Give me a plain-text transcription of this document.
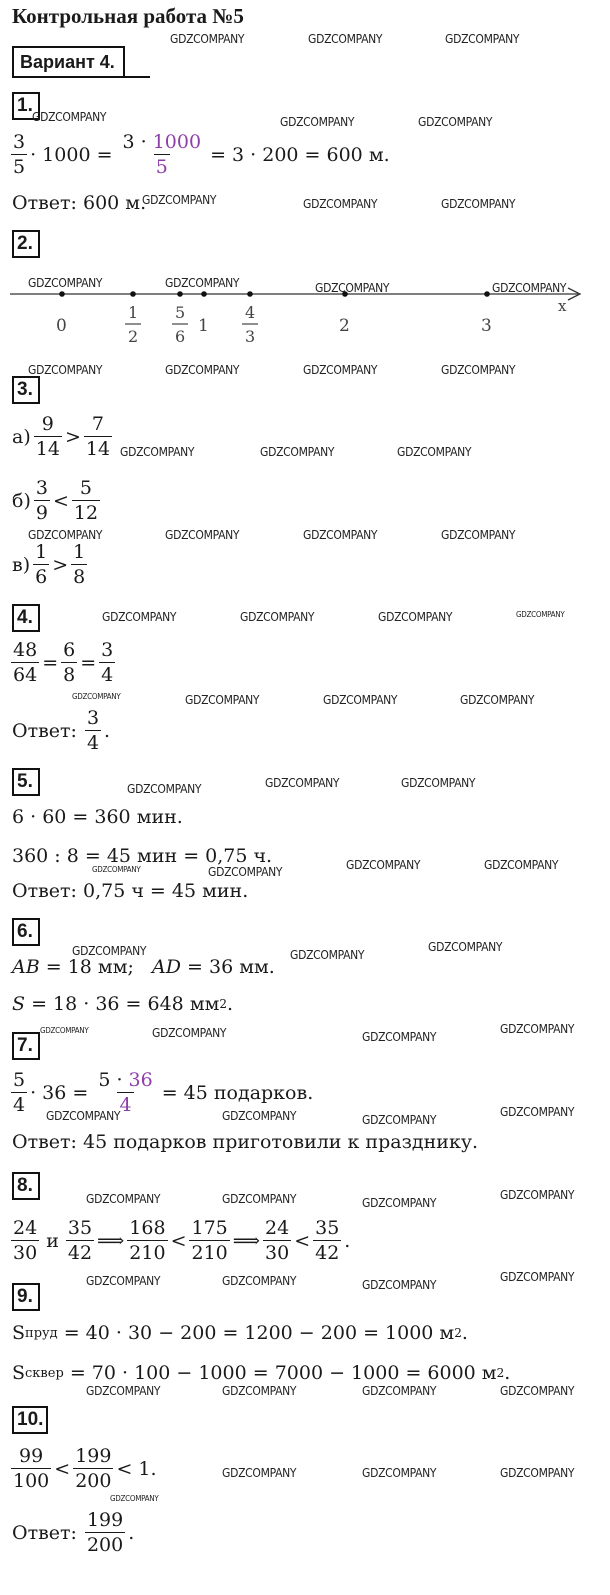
Контрольная работа №5
Вариант 4.
1.
$\frac{3}{5} \cdot 1000 = \frac{3 \cdot 1000}{5} = 3 \cdot 200 = 600$ м.
Ответ: 600 м.
2.
x
0	1	2	3
1
2
5
6
4
3
3.
$а) \frac{9}{14} > \frac{7}{14}$
$б) \frac{3}{9} < \frac{5}{12}$
$в) \frac{1}{6} > \frac{1}{8}$
4.
$\frac{48}{64} = \frac{6}{8} = \frac{3}{4}$
Ответ: $\frac{3}{4}$ .
5.
6 · 60 = 360 мин.
360 : 8 = 45 мин = 0,75 ч.
Ответ: 0,75 ч = 45 мин.
6.
AB
= 18 мм;
AD
= 36 мм.
S
= 18 · 36 = 648 мм 2 .
7.
$\frac{5}{4} \cdot 36 = \frac{5 \cdot 36}{4} = 45$ подарков.
Ответ: 45 подарков приготовили к празднику.
8.
$\frac{24}{30}$ и $\frac{35}{42}$ ⟹ $\frac{168}{210} < \frac{175}{210}$ ⟹ $\frac{24}{30} < \frac{35}{42}$ .
9.
S пруд
= 40 · 30 − 200 = 1200 − 200 = 1000 м 2 .
S сквер
= 70 · 100 − 1000 = 7000 − 1000 = 6000 м 2 .
10.
$\frac{99}{100} < \frac{199}{200} < 1$.
Ответ: $\frac{199}{200}$ .
GDZCOMPANY	GDZCOMPANY	GDZCOMPANY
GDZCOMPANY	GDZCOMPANY	GDZCOMPANY
GDZCOMPANY	GDZCOMPANY	GDZCOMPANY
GDZCOMPANY	GDZCOMPANY	GDZCOMPANY	GDZCOMPANY
GDZCOMPANY	GDZCOMPANY	GDZCOMPANY	GDZCOMPANY
GDZCOMPANY	GDZCOMPANY	GDZCOMPANY
GDZCOMPANY	GDZCOMPANY	GDZCOMPANY	GDZCOMPANY
GDZCOMPANY	GDZCOMPANY	GDZCOMPANY	GDZCOMPANY
GDZCOMPANY	GDZCOMPANY	GDZCOMPANY	GDZCOMPANY
GDZCOMPANY	GDZCOMPANY	GDZCOMPANY
GDZCOMPANY	GDZCOMPANY	GDZCOMPANY	GDZCOMPANY
GDZCOMPANY	GDZCOMPANY
GDZCOMPANY
GDZCOMPANY	GDZCOMPANY	GDZCOMPANY
GDZCOMPANY
GDZCOMPANY	GDZCOMPANY	GDZCOMPANY
GDZCOMPANY
GDZCOMPANY	GDZCOMPANY	GDZCOMPANY
GDZCOMPANY
GDZCOMPANY	GDZCOMPANY	GDZCOMPANY
GDZCOMPANY
GDZCOMPANY	GDZCOMPANY	GDZCOMPANY	GDZCOMPANY
GDZCOMPANY	GDZCOMPANY	GDZCOMPANY
GDZCOMPANY
